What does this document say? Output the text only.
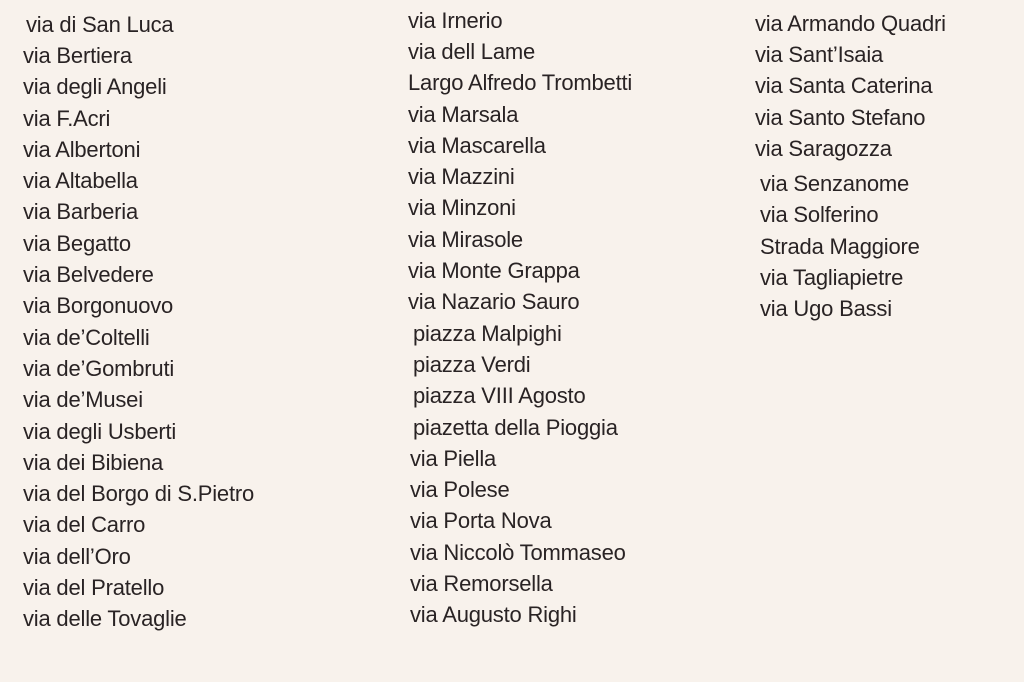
via di San Luca
via Bertiera
via degli Angeli
via F.Acri
via Albertoni
via Altabella
via Barberia
via Begatto
via Belvedere
via Borgonuovo
via de’Coltelli
via de’Gombruti
via de’Musei
via degli Usberti
via dei Bibiena
via del Borgo di S.Pietro
via del Carro
via dell’Oro
via del Pratello
via delle Tovaglie
via Irnerio
via dell Lame
Largo Alfredo Trombetti
via Marsala
via Mascarella
via Mazzini
via Minzoni
via Mirasole
via Monte Grappa
via Nazario Sauro
piazza Malpighi
piazza Verdi
piazza VIII Agosto
piazetta della Pioggia
via Piella
via Polese
via Porta Nova
via Niccolò Tommaseo
via Remorsella
via Augusto Righi
via Armando Quadri
via Sant’Isaia
via Santa Caterina
via Santo Stefano
via Saragozza
via Senzanome
via Solferino
Strada Maggiore
via Tagliapietre
via Ugo Bassi
